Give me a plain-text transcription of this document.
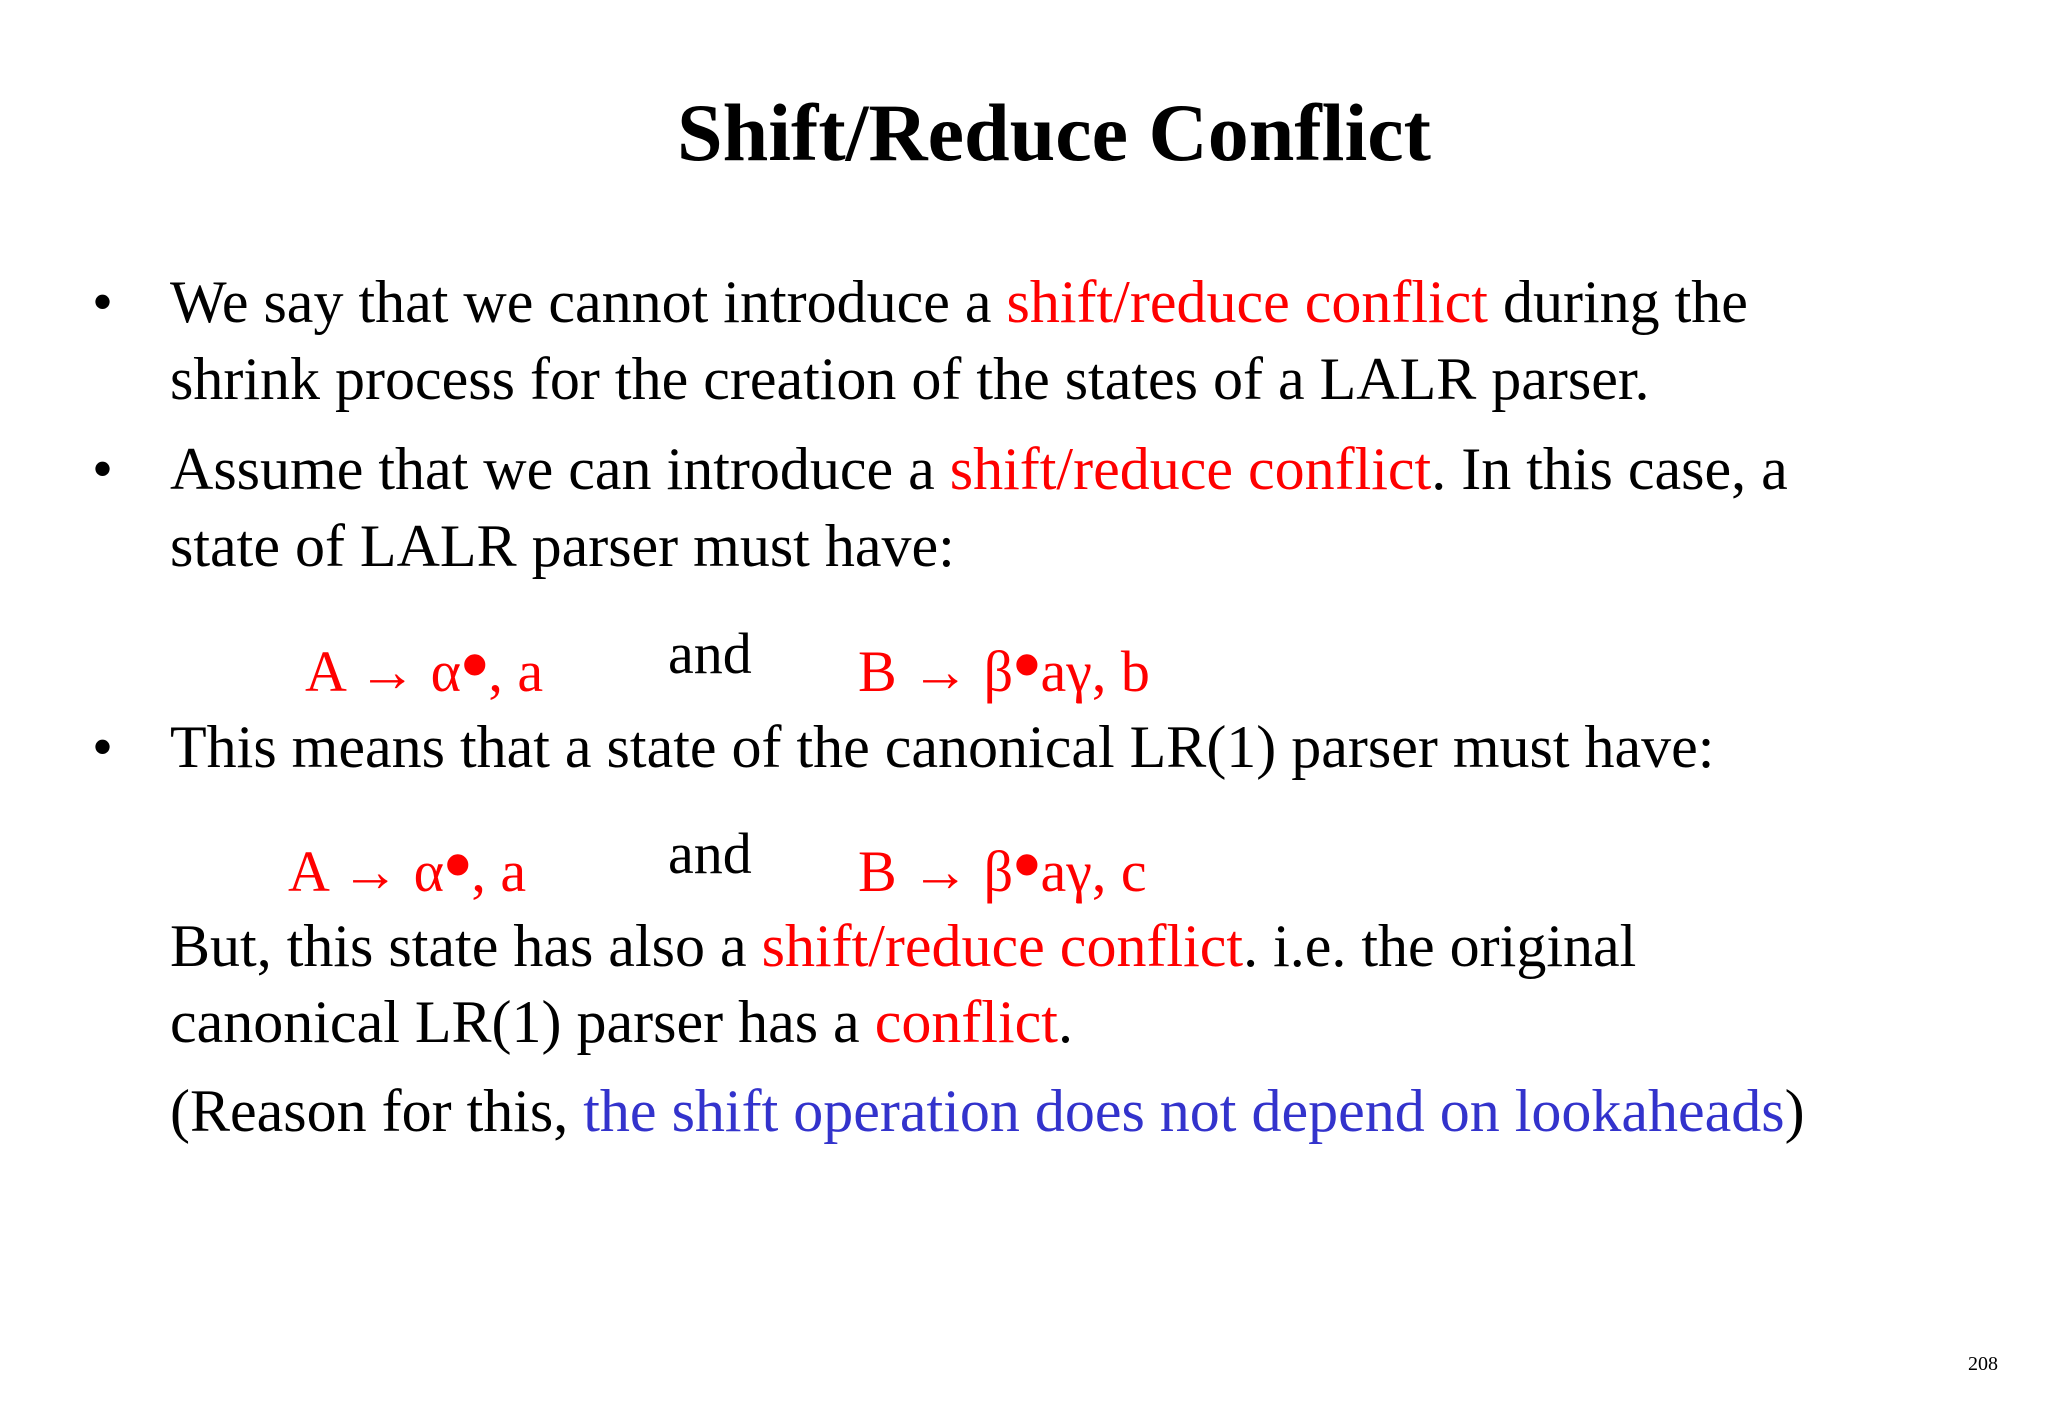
Shift/Reduce Conflict
• We say that we cannot introduce a shift/reduce conflict during the
shrink process for the creation of the states of a LALR parser.
• Assume that we can introduce a shift/reduce conflict. In this case, a
state of LALR parser must have:
A → α•, a and B → β•aγ, b
• This means that a state of the canonical LR(1) parser must have:
A → α•, a and B → β•aγ, c
But, this state has also a shift/reduce conflict. i.e. the original
canonical LR(1) parser has a conflict.
(Reason for this, the shift operation does not depend on lookaheads)
208
